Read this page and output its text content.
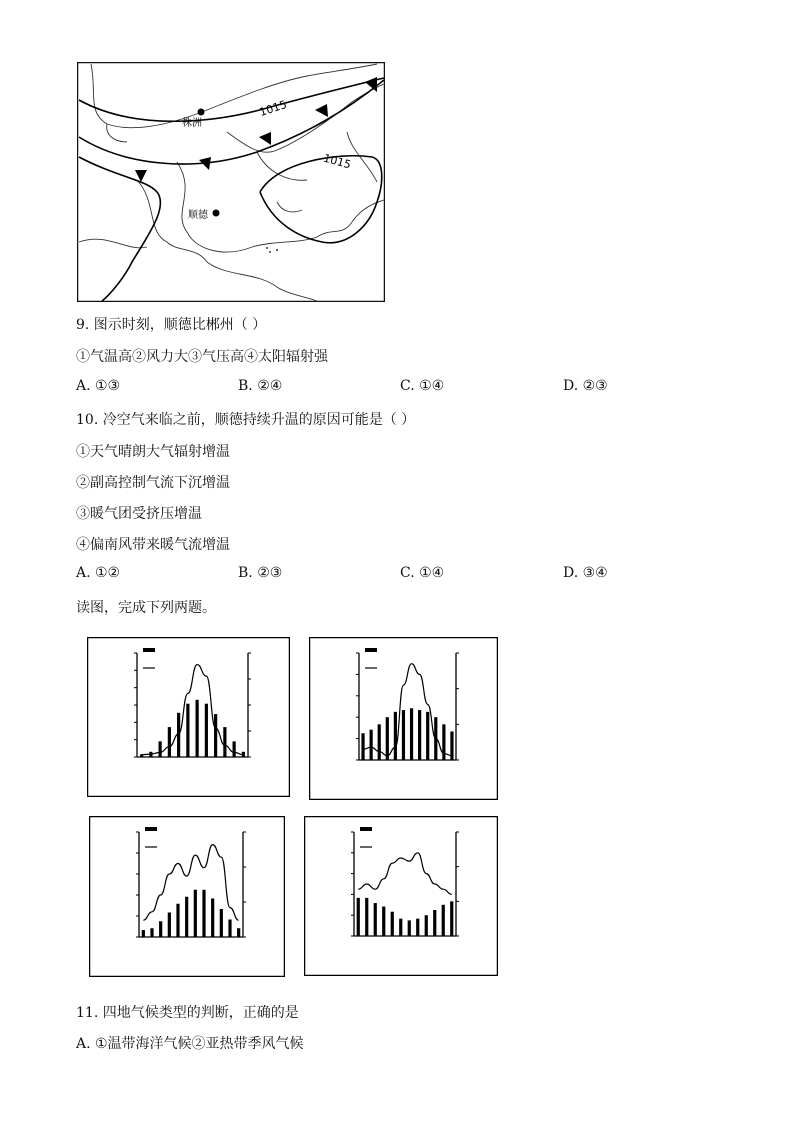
株洲
顺德
1015
1015
9. 图示时刻，顺德比郴州（ ）
①气温高②风力大③气压高④太阳辐射强
A. ①③	B. ②④	C. ①④	D. ②③
10. 冷空气来临之前，顺德持续升温的原因可能是（ ）
①天气晴朗大气辐射增温
②副高控制气流下沉增温
③暖气团受挤压增温
④偏南风带来暖气流增温
A. ①②	B. ②③	C. ①④	D. ③④
读图，完成下列两题。
11. 四地气候类型的判断，正确的是
A. ①温带海洋气候②亚热带季风气候
